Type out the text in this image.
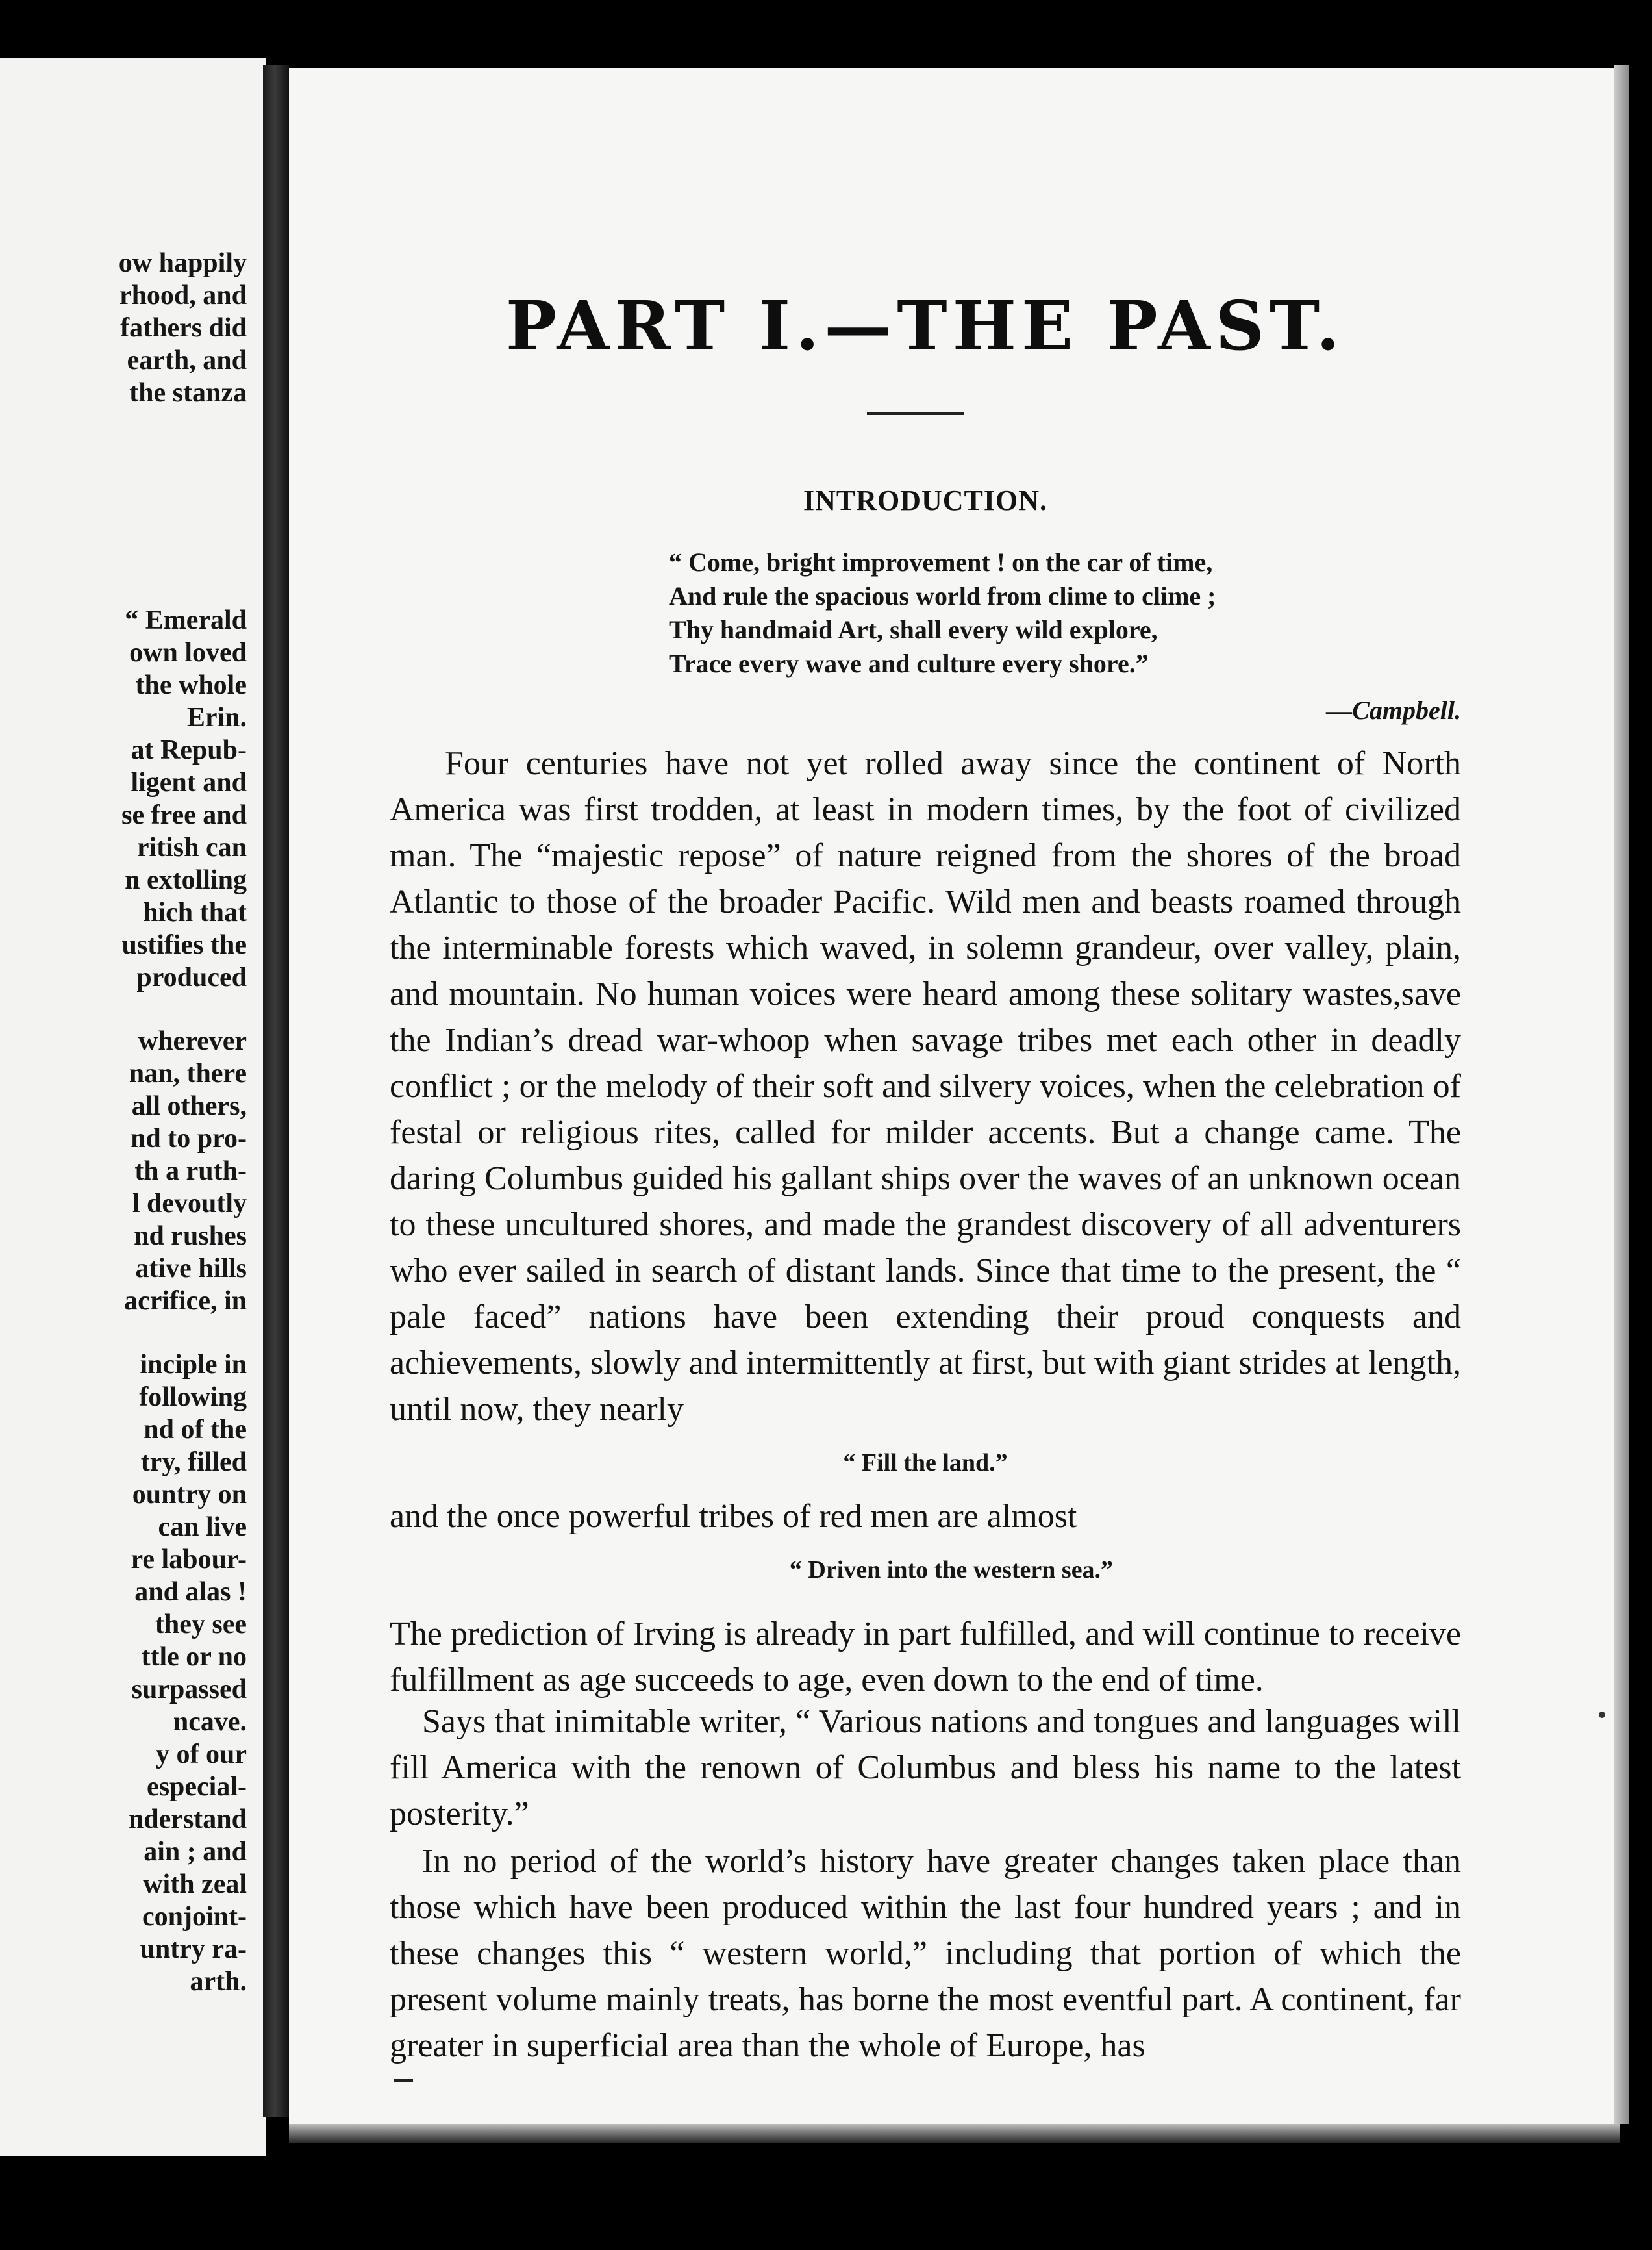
ow happily
rhood, and
fathers did
earth, and
the stanza
“ Emerald
own loved
the whole
Erin.
at Repub-
ligent and
se free and
ritish can
n extolling
hich that
ustifies the
produced
wherever
nan, there
all others,
nd to pro-
th a ruth-
l devoutly
nd rushes
ative hills
acrifice, in
inciple in
following
nd of the
try, filled
ountry on
can live
re labour-
and alas !
they see
ttle or no
surpassed
ncave.
y of our
especial-
nderstand
ain ; and
with zeal
conjoint-
untry ra-
arth.
PART I.—THE PAST.
INTRODUCTION.
“ Come, bright improvement ! on the car of time,
And rule the spacious world from clime to clime ;
Thy handmaid Art, shall every wild explore,
Trace every wave and culture every shore.”
—Campbell.

Four centuries have not yet rolled away since the continent of North America was first trodden, at least in modern times, by the foot of civilized man. The “majestic repose” of nature reigned from the shores of the broad Atlantic to those of the broader Pacific. Wild men and beasts roamed through the interminable forests which waved, in solemn grandeur, over valley, plain, and mountain. No human voices were heard among these solitary wastes,save the Indian’s dread war-whoop when savage tribes met each other in deadly conflict ; or the melody of their soft and silvery voices, when the celebration of festal or religious rites, called for milder accents. But a change came. The daring Columbus guided his gallant ships over the waves of an unknown ocean to these uncultured shores, and made the grandest discovery of all adventurers who ever sailed in search of distant lands. Since that time to the present, the “ pale faced” nations have been extending their proud conquests and achievements, slowly and intermittently at first, but with giant strides at length, until now, they nearly

“ Fill the land.”
and the once powerful tribes of red men are almost
“ Driven into the western sea.”

The prediction of Irving is already in part fulfilled, and will continue to receive fulfillment as age succeeds to age, even down to the end of time.

Says that inimitable writer, “ Various nations and tongues and languages will fill America with the renown of Columbus and bless his name to the latest posterity.”

In no period of the world’s history have greater changes taken place than those which have been produced within the last four hundred years ; and in these changes this “ western world,” including that portion of which the present volume mainly treats, has borne the most eventful part. A continent, far greater in superficial area than the whole of Europe, has
